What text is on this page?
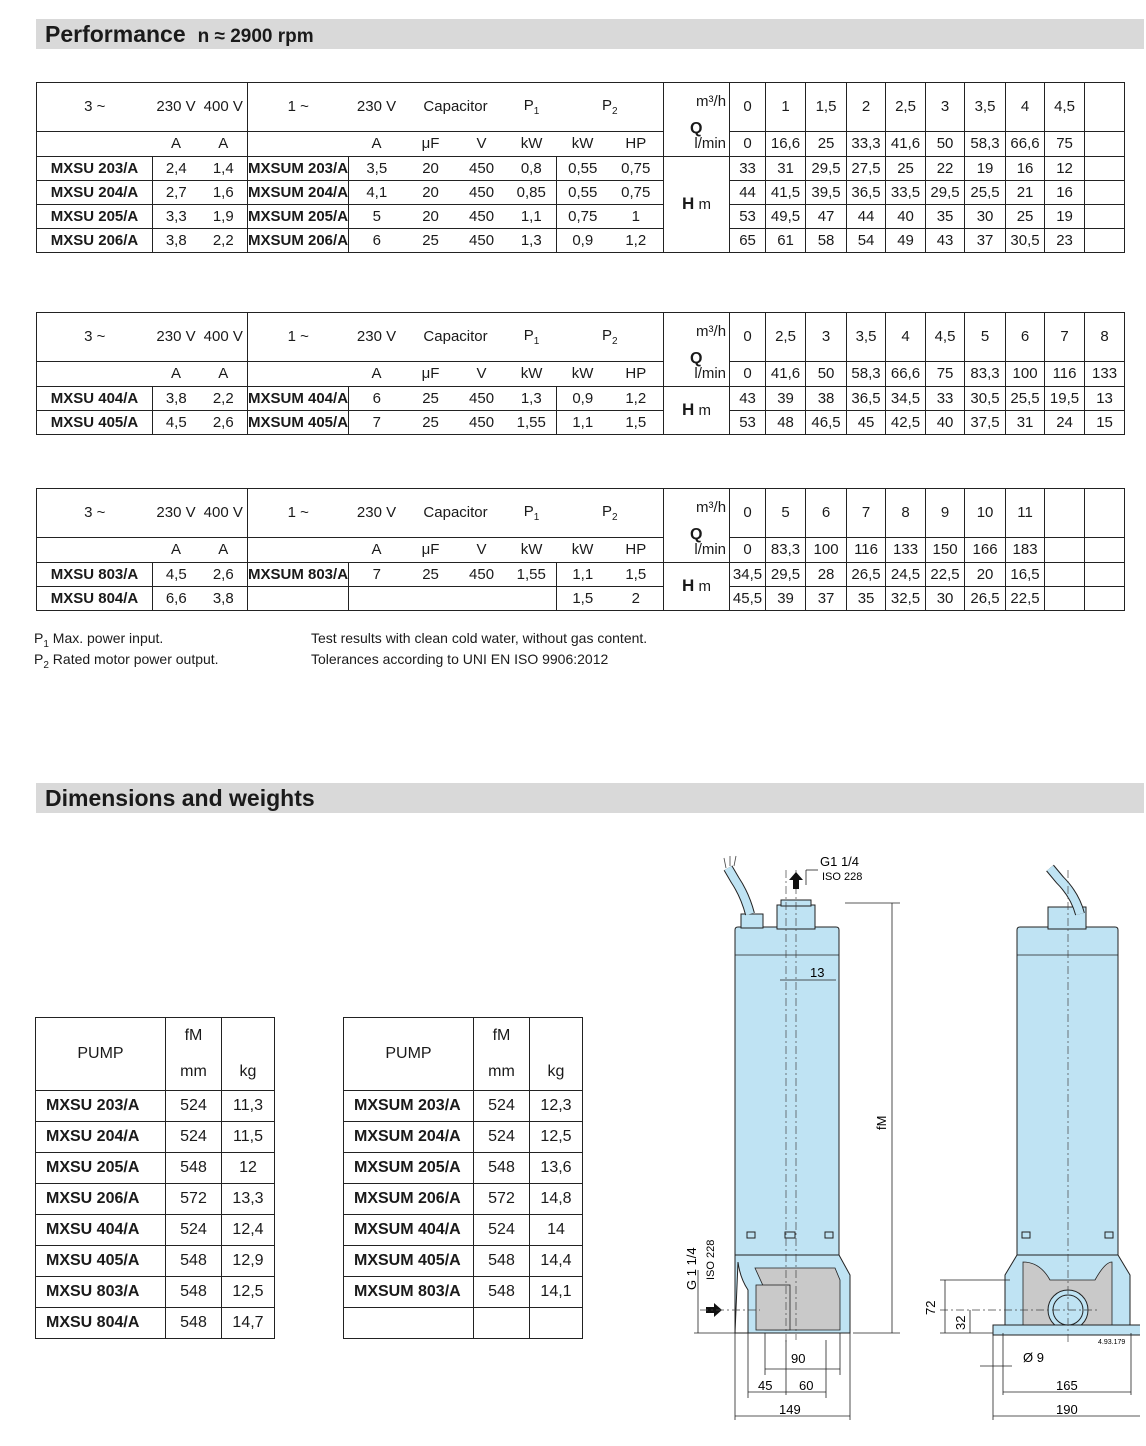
Performance n ≈ 2900 rpm
3 ~	230 V	400 V	1 ~	230 V	Capacitor		$P_1$	$P_2$		m³/h	0	1	1,5	2	2,5	3	3,5	4	4,5	
	A	A		A	μF	V	kW	kW	HP	l/min	0	16,6	25	33,3	41,6	50	58,3	66,6	75	
MXSU 203/A	2,4	1,4	MXSUM 203/A	3,5	20	450	0,8	0,55	0,75	H m	33	31	29,5	27,5	25	22	19	16	12	
MXSU 204/A	2,7	1,6	MXSUM 204/A	4,1	20	450	0,85	0,55	0,75		44	41,5	39,5	36,5	33,5	29,5	25,5	21	16	
MXSU 205/A	3,3	1,9	MXSUM 205/A	5	20	450	1,1	0,75	1		53	49,5	47	44	40	35	30	25	19	
MXSU 206/A	3,8	2,2	MXSUM 206/A	6	25	450	1,3	0,9	1,2		65	61	58	54	49	43	37	30,5	23	
Q
3 ~	230 V	400 V	1 ~	230 V	Capacitor		$P_1$	$P_2$		m³/h	0	2,5	3	3,5	4	4,5	5	6	7	8
	A	A		A	μF	V	kW	kW	HP	l/min	0	41,6	50	58,3	66,6	75	83,3	100	116	133
MXSU 404/A	3,8	2,2	MXSUM 404/A	6	25	450	1,3	0,9	1,2	H m	43	39	38	36,5	34,5	33	30,5	25,5	19,5	13
MXSU 405/A	4,5	2,6	MXSUM 405/A	7	25	450	1,55	1,1	1,5		53	48	46,5	45	42,5	40	37,5	31	24	15
Q
3 ~	230 V	400 V	1 ~	230 V	Capacitor		$P_1$	$P_2$		m³/h	0	5	6	7	8	9	10	11		
	A	A		A	μF	V	kW	kW	HP	l/min	0	83,3	100	116	133	150	166	183		
MXSU 803/A	4,5	2,6	MXSUM 803/A	7	25	450	1,55	1,1	1,5	H m	34,5	29,5	28	26,5	24,5	22,5	20	16,5		
MXSU 804/A	6,6	3,8						1,5	2		45,5	39	37	35	32,5	30	26,5	22,5		
Q
$P_1$ Max. power input.
$P_2$ Rated motor power output.
Test results with clean cold water, without gas content.
Tolerances according to UNI EN ISO 9906:2012
Dimensions and weights
PUMP	fM	
	mm	kg
MXSU 203/A	524	11,3
MXSU 204/A	524	11,5
MXSU 205/A	548	12
MXSU 206/A	572	13,3
MXSU 404/A	524	12,4
MXSU 405/A	548	12,9
MXSU 803/A	548	12,5
MXSU 804/A	548	14,7
PUMP	fM	
	mm	kg
MXSUM 203/A	524	12,3
MXSUM 204/A	524	12,5
MXSUM 205/A	548	13,6
MXSUM 206/A	572	14,8
MXSUM 404/A	524	14
MXSUM 405/A	548	14,4
MXSUM 803/A	548	14,1

G1 1/4
ISO 228
13
fM
G 1 1/4 ISO 228
90
45 60
149
72
32
Ø 9
165
190
4.93.179
